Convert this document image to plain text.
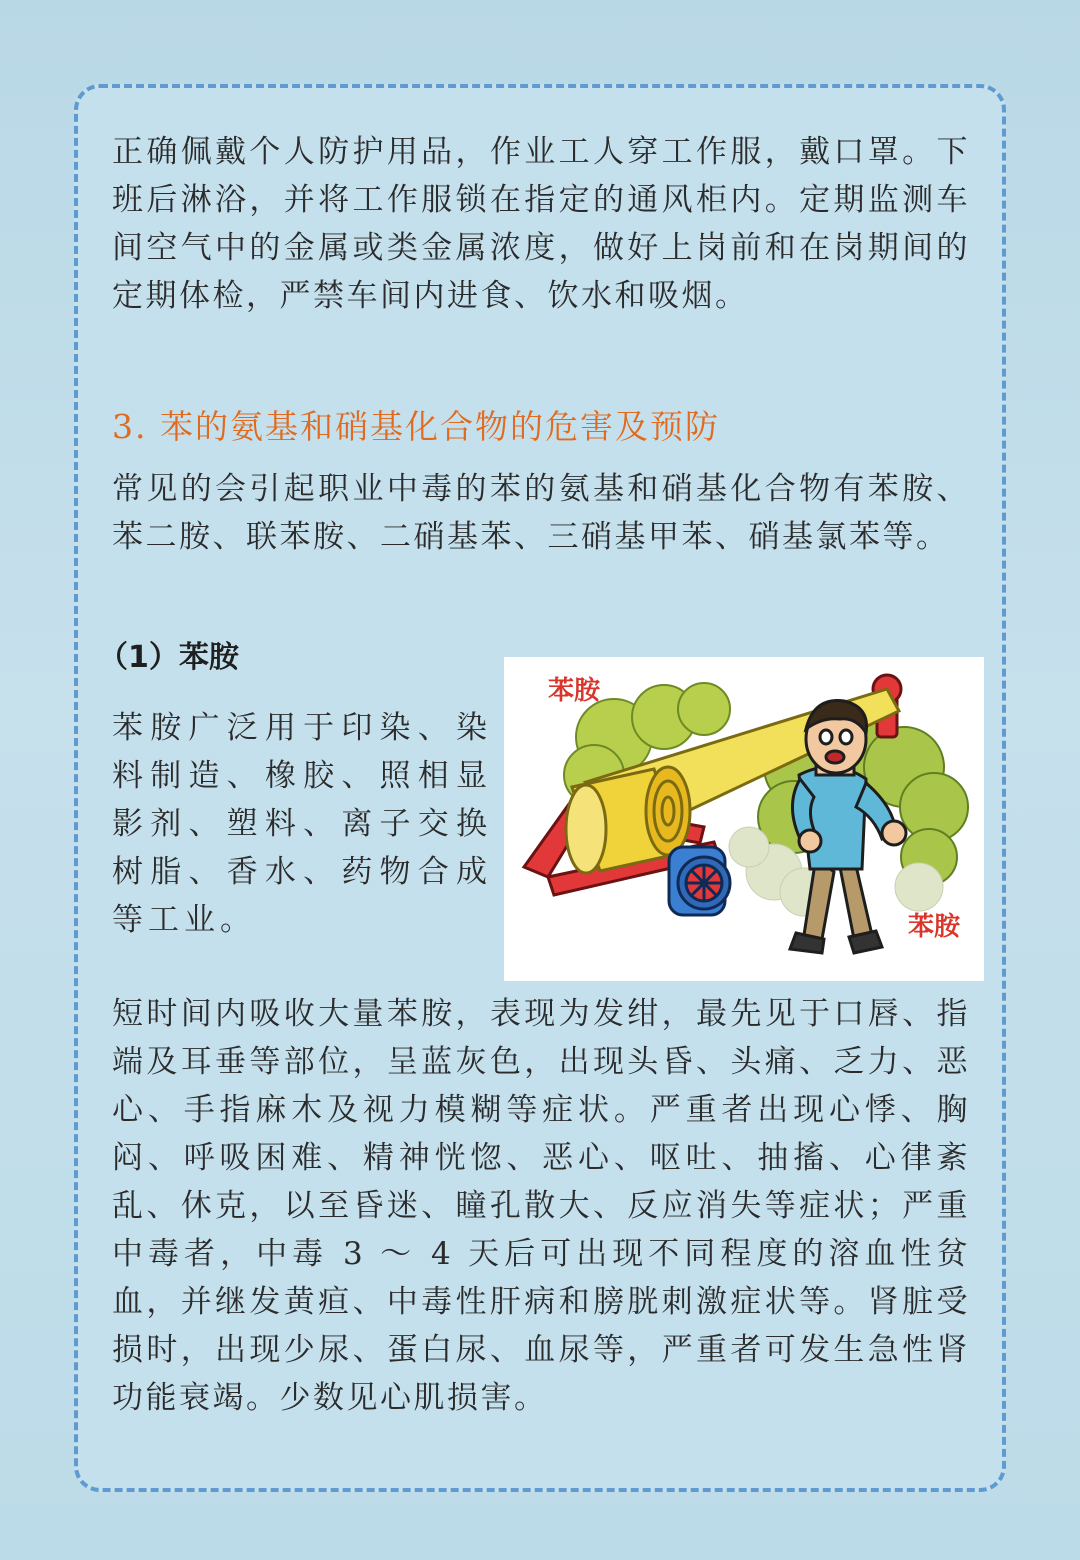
正确佩戴个人防护用品，作业工人穿工作服，戴口罩。下班后淋浴，并将工作服锁在指定的通风柜内。定期监测车间空气中的金属或类金属浓度，做好上岗前和在岗期间的定期体检，严禁车间内进食、饮水和吸烟。

3. 苯的氨基和硝基化合物的危害及预防

常见的会引起职业中毒的苯的氨基和硝基化合物有苯胺、苯二胺、联苯胺、二硝基苯、三硝基甲苯、硝基氯苯等。

（1）苯胺

苯胺广泛用于印染、染料制造、橡胶、照相显影剂、塑料、离子交换树脂、香水、药物合成等工业。

苯胺
苯胺

短时间内吸收大量苯胺，表现为发绀，最先见于口唇、指端及耳垂等部位，呈蓝灰色，出现头昏、头痛、乏力、恶心、手指麻木及视力模糊等症状。严重者出现心悸、胸闷、呼吸困难、精神恍惚、恶心、呕吐、抽搐、心律紊乱、休克，以至昏迷、瞳孔散大、反应消失等症状；严重中毒者，中毒 3 ～ 4 天后可出现不同程度的溶血性贫血，并继发黄疸、中毒性肝病和膀胱刺激症状等。肾脏受损时，出现少尿、蛋白尿、血尿等，严重者可发生急性肾功能衰竭。少数见心肌损害。
